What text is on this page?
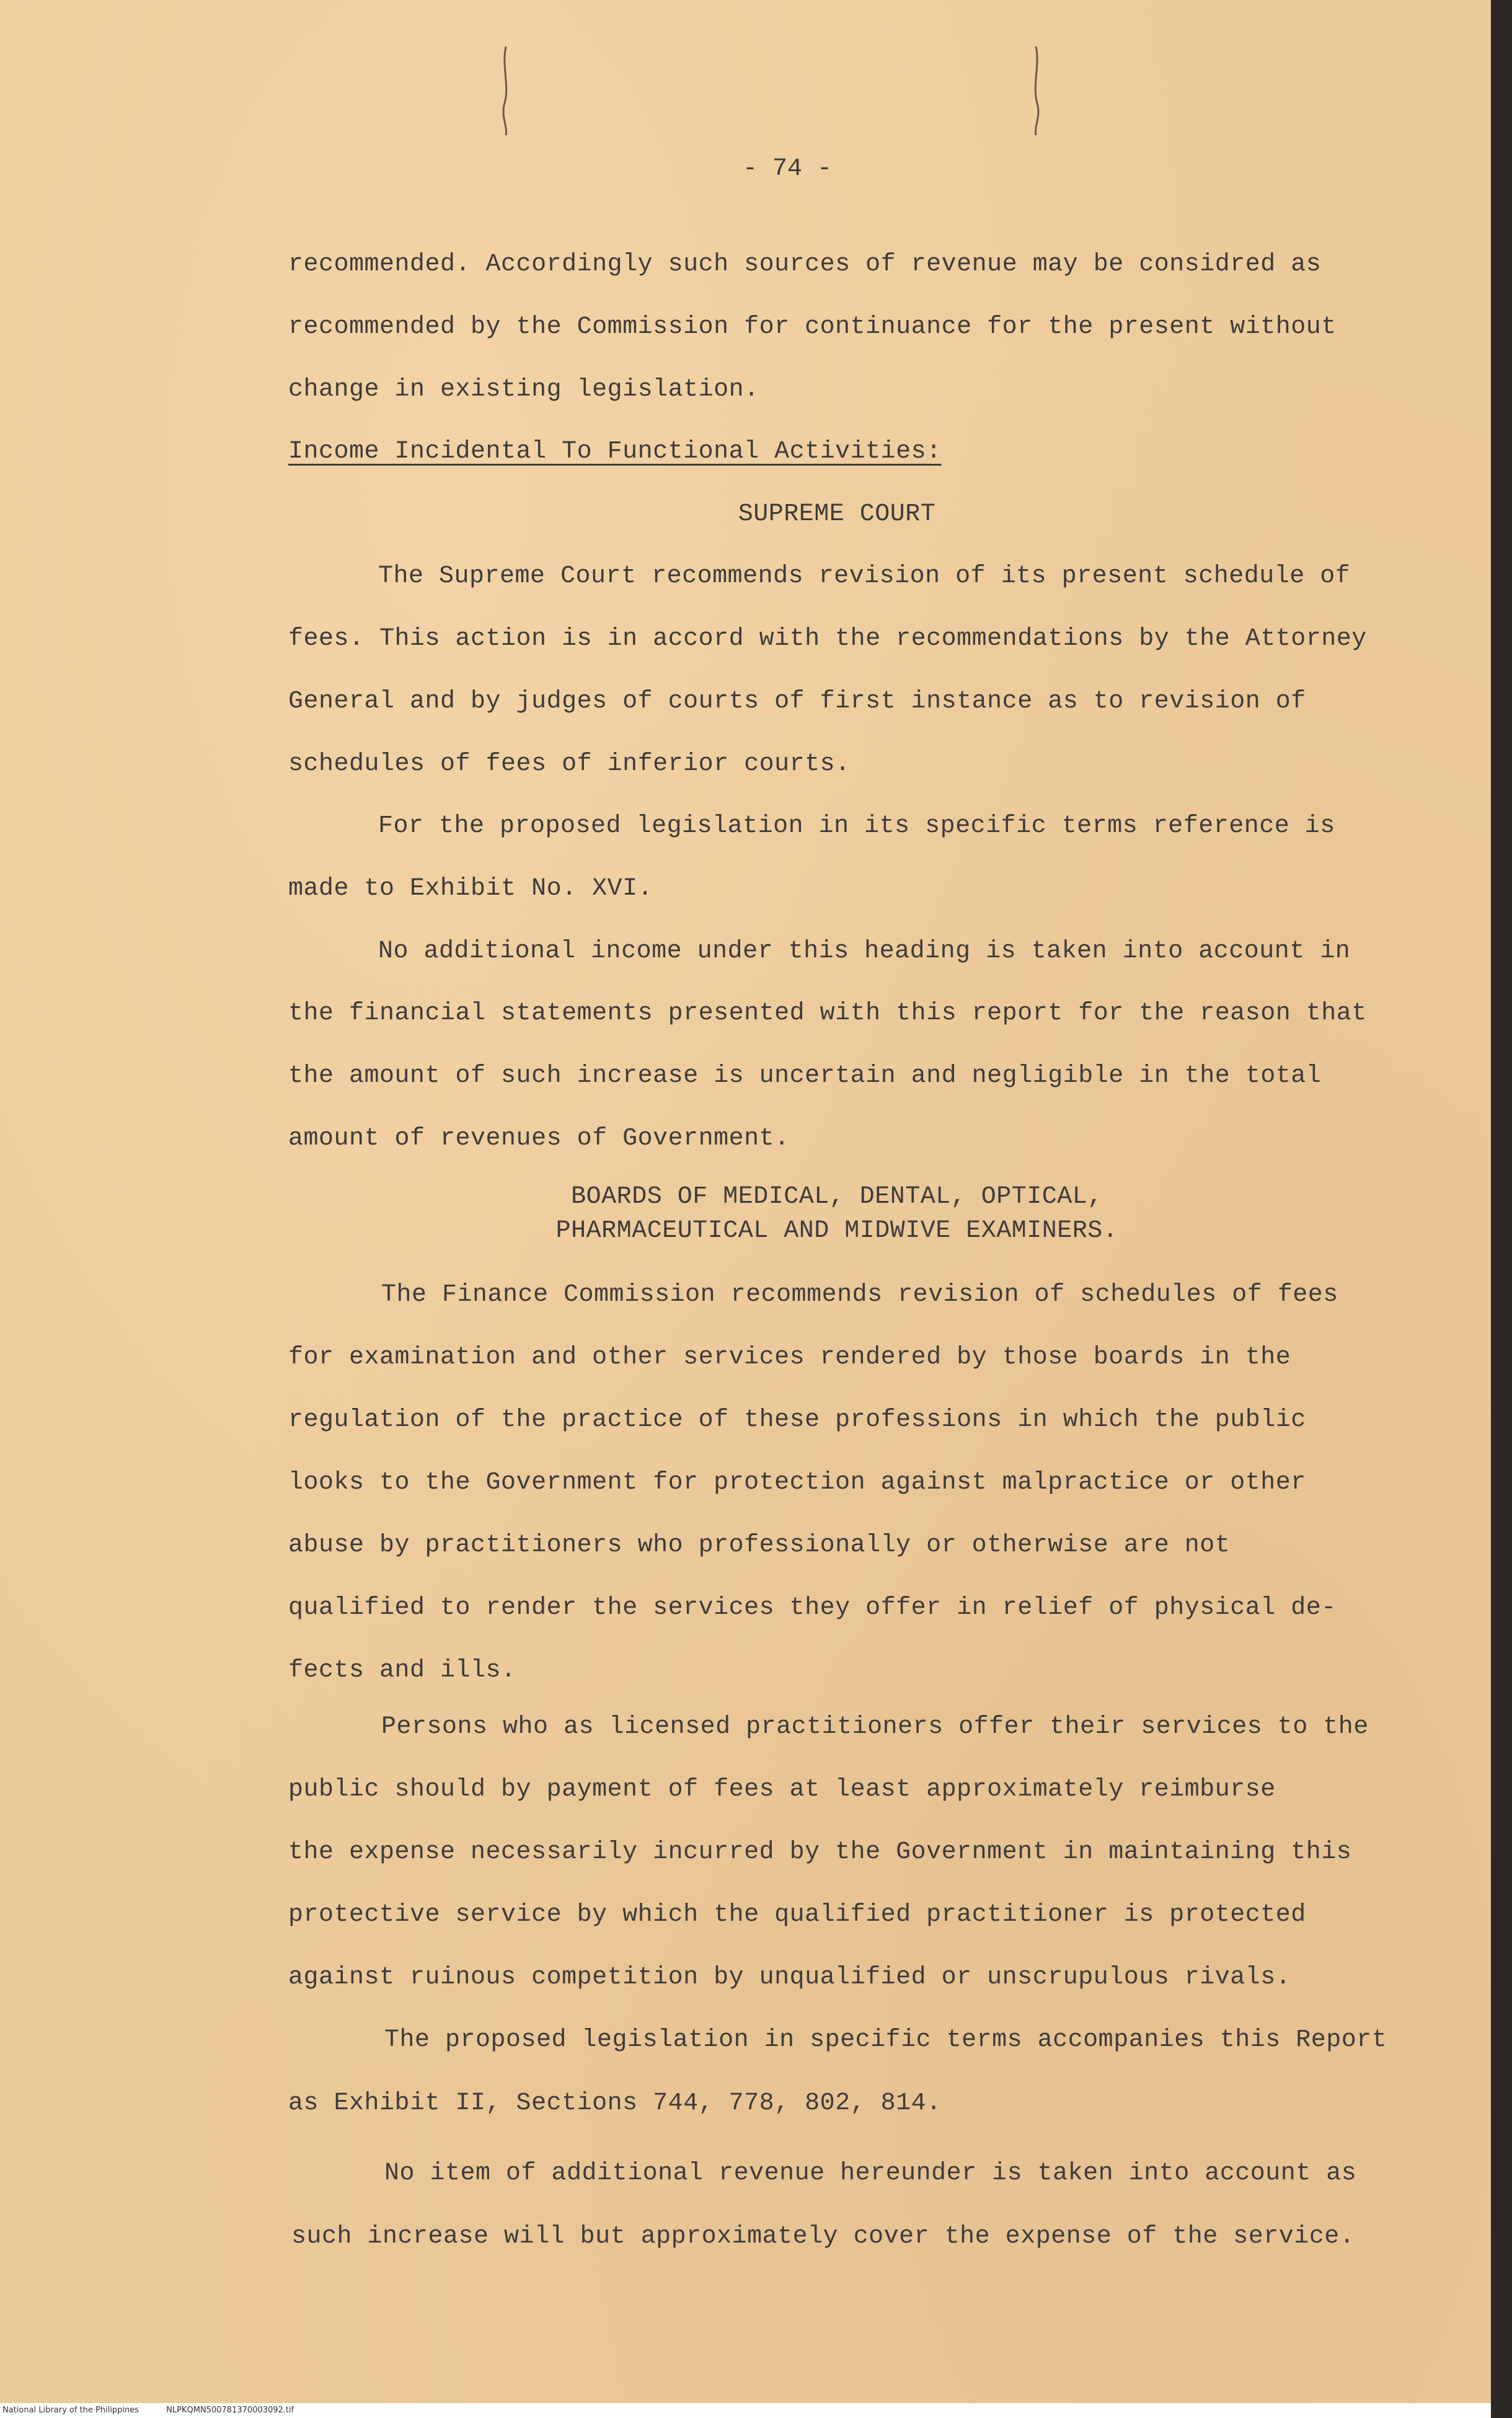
- 74 -
recommended. Accordingly such sources of revenue may be considred as
recommended by the Commission for continuance for the present without
change in existing legislation.
Income Incidental To Functional Activities:
SUPREME COURT
The Supreme Court recommends revision of its present schedule of
fees. This action is in accord with the recommendations by the Attorney
General and by judges of courts of first instance as to revision of
schedules of fees of inferior courts.
For the proposed legislation in its specific terms reference is
made to Exhibit No. XVI.
No additional income under this heading is taken into account in
the financial statements presented with this report for the reason that
the amount of such increase is uncertain and negligible in the total
amount of revenues of Government.
BOARDS OF MEDICAL, DENTAL, OPTICAL,
PHARMACEUTICAL AND MIDWIVE EXAMINERS.
The Finance Commission recommends revision of schedules of fees
for examination and other services rendered by those boards in the
regulation of the practice of these professions in which the public
looks to the Government for protection against malpractice or other
abuse by practitioners who professionally or otherwise are not
qualified to render the services they offer in relief of physical de-
fects and ills.
Persons who as licensed practitioners offer their services to the
public should by payment of fees at least approximately reimburse
the expense necessarily incurred by the Government in maintaining this
protective service by which the qualified practitioner is protected
against ruinous competition by unqualified or unscrupulous rivals.
The proposed legislation in specific terms accompanies this Report
as Exhibit II, Sections 744, 778, 802, 814.
No item of additional revenue hereunder is taken into account as
such increase will but approximately cover the expense of the service.
National Library of the Philippines	NLPKQMN500781370003092.tif
